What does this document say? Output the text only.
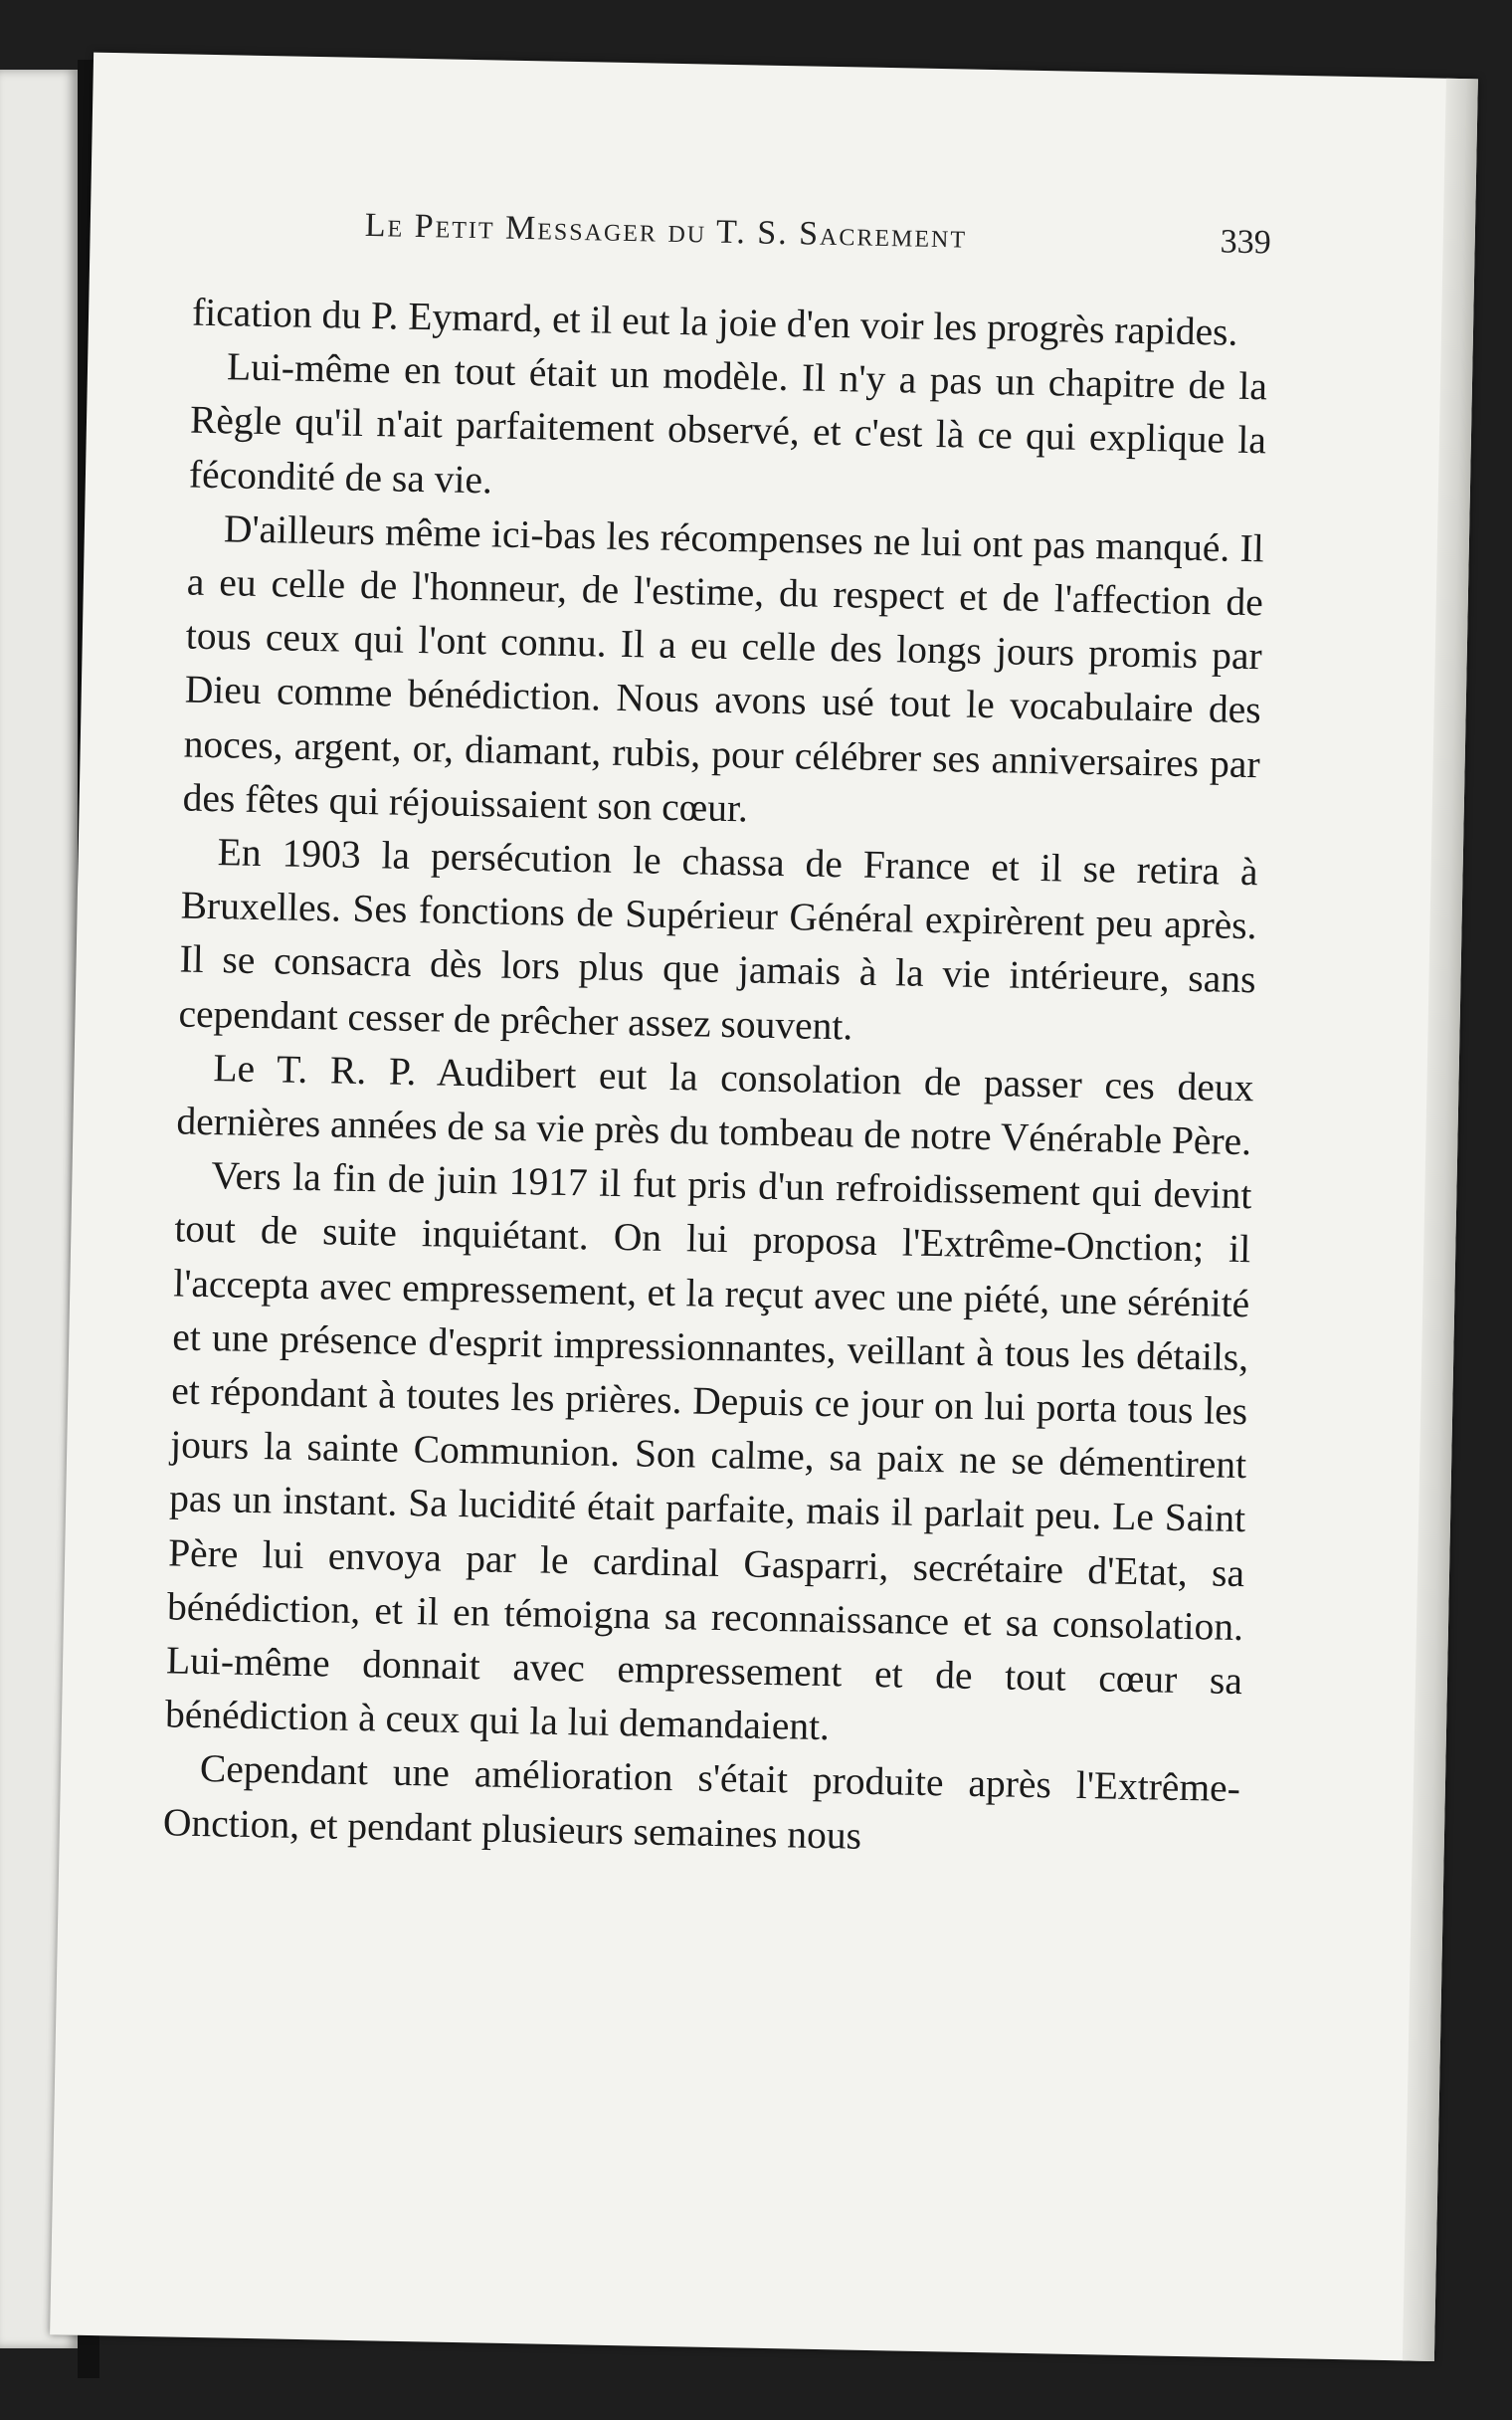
Le Petit Messager du T. S. Sacrement	339

fication du P. Eymard, et il eut la joie d'en voir les progrès rapides.

Lui-même en tout était un modèle. Il n'y a pas un chapitre de la Règle qu'il n'ait parfaitement observé, et c'est là ce qui explique la fécondité de sa vie.

D'ailleurs même ici-bas les récompenses ne lui ont pas manqué. Il a eu celle de l'honneur, de l'estime, du respect et de l'affection de tous ceux qui l'ont connu. Il a eu celle des longs jours promis par Dieu comme bénédiction. Nous avons usé tout le vocabulaire des noces, argent, or, diamant, rubis, pour célébrer ses anniversaires par des fêtes qui réjouissaient son cœur.

En 1903 la persécution le chassa de France et il se retira à Bruxelles. Ses fonctions de Supérieur Général expirèrent peu après. Il se consacra dès lors plus que jamais à la vie intérieure, sans cependant cesser de prêcher assez souvent.

Le T. R. P. Audibert eut la consolation de passer ces deux dernières années de sa vie près du tombeau de notre Vénérable Père.

Vers la fin de juin 1917 il fut pris d'un refroidissement qui devint tout de suite inquiétant. On lui proposa l'Extrême-Onction; il l'accepta avec empressement, et la reçut avec une piété, une sérénité et une présence d'esprit impressionnantes, veillant à tous les détails, et répondant à toutes les prières. Depuis ce jour on lui porta tous les jours la sainte Communion. Son calme, sa paix ne se démentirent pas un instant. Sa lucidité était parfaite, mais il parlait peu. Le Saint Père lui envoya par le cardinal Gasparri, secrétaire d'Etat, sa bénédiction, et il en témoigna sa reconnaissance et sa consolation. Lui-même donnait avec empressement et de tout cœur sa bénédiction à ceux qui la lui demandaient.

Cependant une amélioration s'était produite après l'Extrême-Onction, et pendant plusieurs semaines nous
